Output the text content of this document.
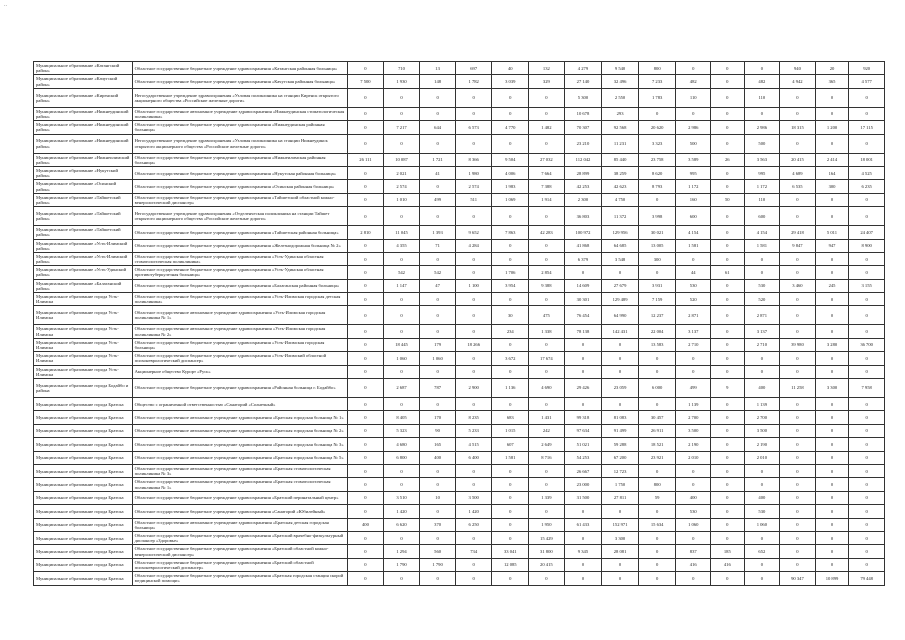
..
Муниципальное образование «Катангский район»	Областное государственное бюджетное учреждение здравоохранения «Катангская районная больница»	0	710	13	697	40	132	4 279	9 540	800	0	0	0	940	20	920
Муниципальное образование «Качугский район»	Областное государственное бюджетное учреждение здравоохранения «Качугская районная больница»	7 500	1 930	148	1 782	3 039	329	27 140	32 496	7 233	482	0	482	4 942	365	4 577
Муниципальное образование «Киренский район»	Негосударственное учреждение здравоохранения «Узловая поликлиника на станции Киренск открытого акционерного общества «Российские железные дороги»	0	0	0	0	0	0	5 300	2 550	1 783	110	0	110	0	0	0
Муниципальное образование «Нижнеудинский район»	Областное государственное автономное учреждение здравоохранения «Нижнеудинская стоматологическая поликлиника»	0	0	0	0	0	0	10 678	293	0	0	0	0	0	0	0
Муниципальное образование «Нижнеудинский район»	Областное государственное бюджетное учреждение здравоохранения «Нижнеудинская районная больница»	0	7 217	644	6 573	4 770	1 482	70 307	92 568	20 620	2 986	0	2 986	18 315	1 200	17 115
Муниципальное образование «Нижнеудинский район»	Негосударственное учреждение здравоохранения «Узловая поликлиника на станции Нижнеудинск открытого акционерного общества «Российские железные дороги»	0	0	0	0	0	0	23 210	11 231	3 323	500	0	500	0	0	0
Муниципальное образование «Нижнеилимский район»	Областное государственное бюджетное учреждение здравоохранения «Нижнеилимская районная больница»	26 111	10 087	1 721	8 366	9 504	27 032	112 042	85 440	23 758	3 589	26	3 563	20 415	2 414	18 001
Муниципальное образование «Нукутский район»	Областное государственное бюджетное учреждение здравоохранения «Нукутская районная больница»	0	2 021	41	1 980	4 006	7 664	28 899	38 259	8 620	995	0	995	4 689	164	4 525
Муниципальное образование «Осинский район»	Областное государственное бюджетное учреждение здравоохранения «Осинская районная больница»	0	2 574	0	2 574	1 983	7 388	42 253	42 623	8 793	1 172	0	1 172	6 535	300	6 235
Муниципальное образование «Тайшетский район»	Областное государственное бюджетное учреждение здравоохранения «Тайшетский областной кожно-венерологический диспансер»	0	1 010	499	511	1 069	1 914	2 300	4 750	0	160	50	110	0	0	0
Муниципальное образование «Тайшетский район»	Негосударственное учреждение здравоохранения «Отделенческая поликлиника на станции Тайшет открытого акционерного общества «Российские железные дороги»	0	0	0	0	0	0	36 803	11 372	3 998	600	0	600	0	0	0
Муниципальное образование «Тайшетский район»	Областное государственное бюджетное учреждение здравоохранения «Тайшетская районная больница»	2 810	11 045	1 393	9 652	7 863	42 283	100 972	129 956	30 021	4 154	0	4 154	29 418	5 011	24 407
Муниципальное образование «Усть-Илимский район»	Областное государственное бюджетное учреждение здравоохранения «Железнодорожная больница № 2»	0	4 355	71	4 284	0	0	41 868	64 685	13 005	1 581	0	1 581	9 847	947	8 900
Муниципальное образование «Усть-Илимский район»	Областное государственное бюджетное учреждение здравоохранения «Усть-Удинская областная стоматологическая поликлиника»	0	0	0	0	0	0	6 379	3 548	300	0	0	0	0	0	0
Муниципальное образование «Усть-Удинский район»	Областное государственное бюджетное учреждение здравоохранения «Усть-Удинская областная противотуберкулезная больница»	0	542	542	0	1 706	2 854	0	0	0	44	61	0	0	0	0
Муниципальное образование «Балаганский район»	Областное государственное бюджетное учреждение здравоохранения «Балаганская районная больница»	0	1 147	47	1 100	3 954	9 388	14 609	27 679	3 931	530	0	530	3 460	245	3 155
Муниципальное образование города Усть-Илимска	Областное государственное бюджетное учреждение здравоохранения «Усть-Илимская городская детская поликлиника»	0	0	0	0	0	0	30 301	129 489	7 159	520	0	520	0	0	0
Муниципальное образование города Усть-Илимска	Областное государственное автономное учреждение здравоохранения «Усть-Илимская городская поликлиника № 1»	0	0	0	0	30	475	76 454	64 990	12 237	2 871	0	2 871	0	0	0
Муниципальное образование города Усть-Илимска	Областное государственное автономное учреждение здравоохранения «Усть-Илимская городская поликлиника № 2»	0	0	0	0	234	1 338	78 138	142 431	22 004	3 137	0	3 137	0	0	0
Муниципальное образование города Усть-Илимска	Областное государственное бюджетное учреждение здравоохранения «Усть-Илимская городская больница»	0	18 445	179	18 266	0	0	0	0	13 583	2 710	0	2 710	39 980	3 280	36 700
Муниципальное образование города Усть-Илимска	Областное государственное бюджетное учреждение здравоохранения «Усть-Илимский областной психоневрологический диспансер»	0	1 060	1 060	0	3 672	17 674	0	0	0	0	0	0	0	0	0
Муниципальное образование города Усть-Илимска	Акционерное общество Курорт «Русь»	0	0	0	0	0	0	0	0	0	0	0	0	0	0	0
Муниципальное образование города Бодайбо и района	Областное государственное бюджетное учреждение здравоохранения «Районная больница г. Бодайбо»	0	2 687	787	2 900	1 136	4 690	29 426	23 059	6 000	499	9	400	11 258	3 300	7 958
Муниципальное образование города Братска	Общество с ограниченной ответственностью «Санаторий «Солнечный»	0	0	0	0	0	0	0	0	0	1 139	0	1 139	0	0	0
Муниципальное образование города Братска	Областное государственное автономное учреждение здравоохранения «Братская городская больница № 1»	0	8 405	170	8 235	683	1 431	99 318	81 083	30 457	2 700	0	2 700	0	0	0
Муниципальное образование города Братска	Областное государственное автономное учреждение здравоохранения «Братская городская больница № 2»	0	5 323	90	5 233	1 015	242	97 634	91 499	26 911	3 500	0	3 500	0	0	0
Муниципальное образование города Братска	Областное государственное автономное учреждение здравоохранения «Братская городская больница № 3»	0	4 680	165	4 515	607	2 649	51 021	59 288	18 521	2 190	0	2 190	0	0	0
Муниципальное образование города Братска	Областное государственное автономное учреждение здравоохранения «Братская городская больница № 5»	0	6 800	400	6 400	1 581	8 716	54 253	67 200	23 921	2 010	0	2 010	0	0	0
Муниципальное образование города Братска	Областное государственное автономное учреждение здравоохранения «Братская стоматологическая поликлиника № 3»	0	0	0	0	0	0	26 667	12 723	0	0	0	0	0	0	0
Муниципальное образование города Братска	Областное государственное автономное учреждение здравоохранения «Братская стоматологическая поликлиника № 1»	0	0	0	0	0	0	23 000	1 750	800	0	0	0	0	0	0
Муниципальное образование города Братска	Областное государственное бюджетное учреждение здравоохранения «Братский перинатальный центр»	0	3 510	10	3 500	0	1 339	31 500	27 811	59	400	0	400	0	0	0
Муниципальное образование города Братска	Областное государственное бюджетное учреждение здравоохранения «Санаторий «Юбилейный»	0	1 420	0	1 420	0	0	0	0	0	530	0	530	0	0	0
Муниципальное образование города Братска	Областное государственное автономное учреждение здравоохранения «Братская детская городская больница»	400	6 620	370	6 250	0	1 950	61 433	152 971	15 634	1 060	0	1 060	0	0	0
Муниципальное образование города Братска	Областное государственное бюджетное учреждение здравоохранения «Братский врачебно-физкультурный диспансер «Здоровье»	0	0	0	0	0	15 429	0	3 300	0	0	0	0	0	0	0
Муниципальное образование города Братска	Областное государственное бюджетное учреждение здравоохранения «Братский областной кожно-венерологический диспансер»	0	1 294	560	734	33 041	31 800	9 345	28 081	0	837	185	652	0	0	0
Муниципальное образование города Братска	Областное государственное бюджетное учреждение здравоохранения «Братский областной психоневрологический диспансер»	0	1 790	1 790	0	12 085	20 415	0	0	0	416	416	0	0	0	0
Муниципальное образование города Братска	Областное государственное бюджетное учреждение здравоохранения «Братская городская станция скорой медицинской помощи»	0	0	0	0	0	0	0	0	0	0	0	0	90 347	10 899	79 448
